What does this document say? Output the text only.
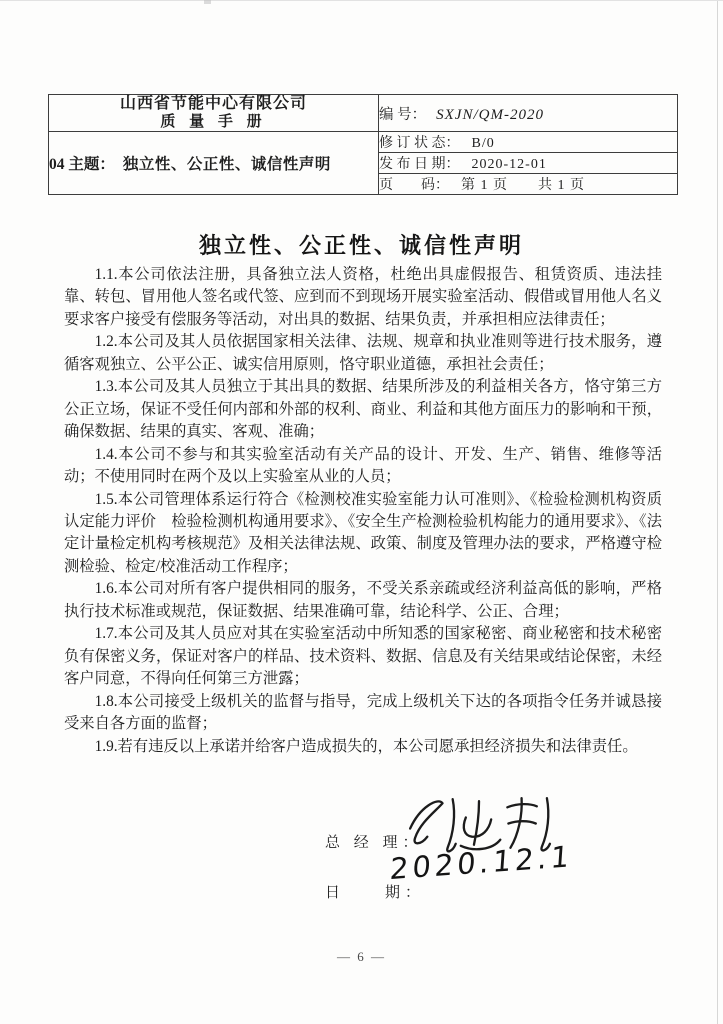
山西省节能中心有限公司
质 量 手 册	编 号： SXJN/QM-2020
04 主题： 独立性、公正性、诚信性声明	修 订 状 态： B/0
	发 布 日 期： 2020-12-01
	页　　码： 第 1 页　　共 1 页
独立性、公正性、诚信性声明

1.1.本公司依法注册，具备独立法人资格，杜绝出具虚假报告、租赁资质、违法挂靠、转包、冒用他人签名或代签、应到而不到现场开展实验室活动、假借或冒用他人名义要求客户接受有偿服务等活动，对出具的数据、结果负责，并承担相应法律责任；

1.2.本公司及其人员依据国家相关法律、法规、规章和执业准则等进行技术服务，遵循客观独立、公平公正、诚实信用原则，恪守职业道德，承担社会责任；

1.3.本公司及其人员独立于其出具的数据、结果所涉及的利益相关各方，恪守第三方公正立场，保证不受任何内部和外部的权利、商业、利益和其他方面压力的影响和干预，确保数据、结果的真实、客观、准确；

1.4.本公司不参与和其实验室活动有关产品的设计、开发、生产、销售、维修等活动；不使用同时在两个及以上实验室从业的人员；

1.5.本公司管理体系运行符合《检测校准实验室能力认可准则》、《检验检测机构资质认定能力评价　检验检测机构通用要求》、《安全生产检测检验机构能力的通用要求》、《法定计量检定机构考核规范》及相关法律法规、政策、制度及管理办法的要求，严格遵守检测检验、检定/校准活动工作程序；

1.6.本公司对所有客户提供相同的服务，不受关系亲疏或经济利益高低的影响，严格执行技术标准或规范，保证数据、结果准确可靠，结论科学、公正、合理；

1.7.本公司及其人员应对其在实验室活动中所知悉的国家秘密、商业秘密和技术秘密负有保密义务，保证对客户的样品、技术资料、数据、信息及有关结果或结论保密，未经客户同意，不得向任何第三方泄露；

1.8.本公司接受上级机关的监督与指导，完成上级机关下达的各项指令任务并诚恳接受来自各方面的监督；

1.9.若有违反以上承诺并给客户造成损失的，本公司愿承担经济损失和法律责任。

总 经 理：
日　　期：
2020.12.1
— 6 —
